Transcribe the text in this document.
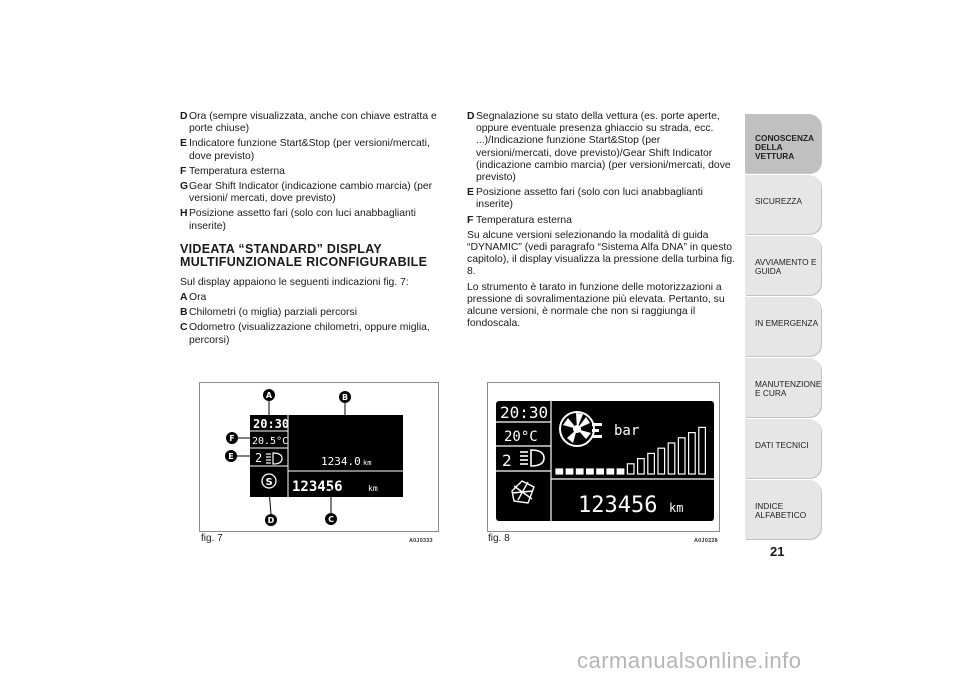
D Ora (sempre visualizzata, anche con chiave estratta e porte chiuse)
E Indicatore funzione Start&Stop (per versioni/mercati, dove previsto)
F Temperatura esterna
G Gear Shift Indicator (indicazione cambio marcia) (per versioni/ mercati, dove previsto)
H Posizione assetto fari (solo con luci anabbaglianti inserite)
VIDEATA “STANDARD” DISPLAY MULTIFUNZIONALE RICONFIGURABILE

Sul display appaiono le seguenti indicazioni fig. 7:

A Ora
B Chilometri (o miglia) parziali percorsi
C Odometro (visualizzazione chilometri, oppure miglia, percorsi)
D Segnalazione su stato della vettura (es. porte aperte, oppure eventuale presenza ghiaccio su strada, ecc. ...)/Indicazione funzione Start&Stop (per versioni/mercati, dove previsto)/Gear Shift Indicator (indicazione cambio marcia) (per versioni/mercati, dove previsto)
E Posizione assetto fari (solo con luci anabbaglianti inserite)
F Temperatura esterna

Su alcune versioni selezionando la modalità di guida “DYNAMIC” (vedi paragrafo “Sistema Alfa DNA” in questo capitolo), il display visualizza la pressione della turbina fig. 8.

Lo strumento è tarato in funzione delle motorizzazioni a pressione di sovralimentazione più elevata. Pertanto, su alcune versioni, è normale che non si raggiunga il fondoscala.

20:30
20.5°C
2
S
1234.0 km
123456	km
A	B
C
D
E
F
fig. 7	A0J0333
20:30
20°C
2
bar
123456 km
fig. 8	A0J0228
CONOSCENZA DELLA VETTURA
SICUREZZA
AVVIAMENTO E GUIDA
IN EMERGENZA
MANUTENZIONE E CURA
DATI TECNICI
INDICE ALFABETICO
21
carmanualsonline.info
